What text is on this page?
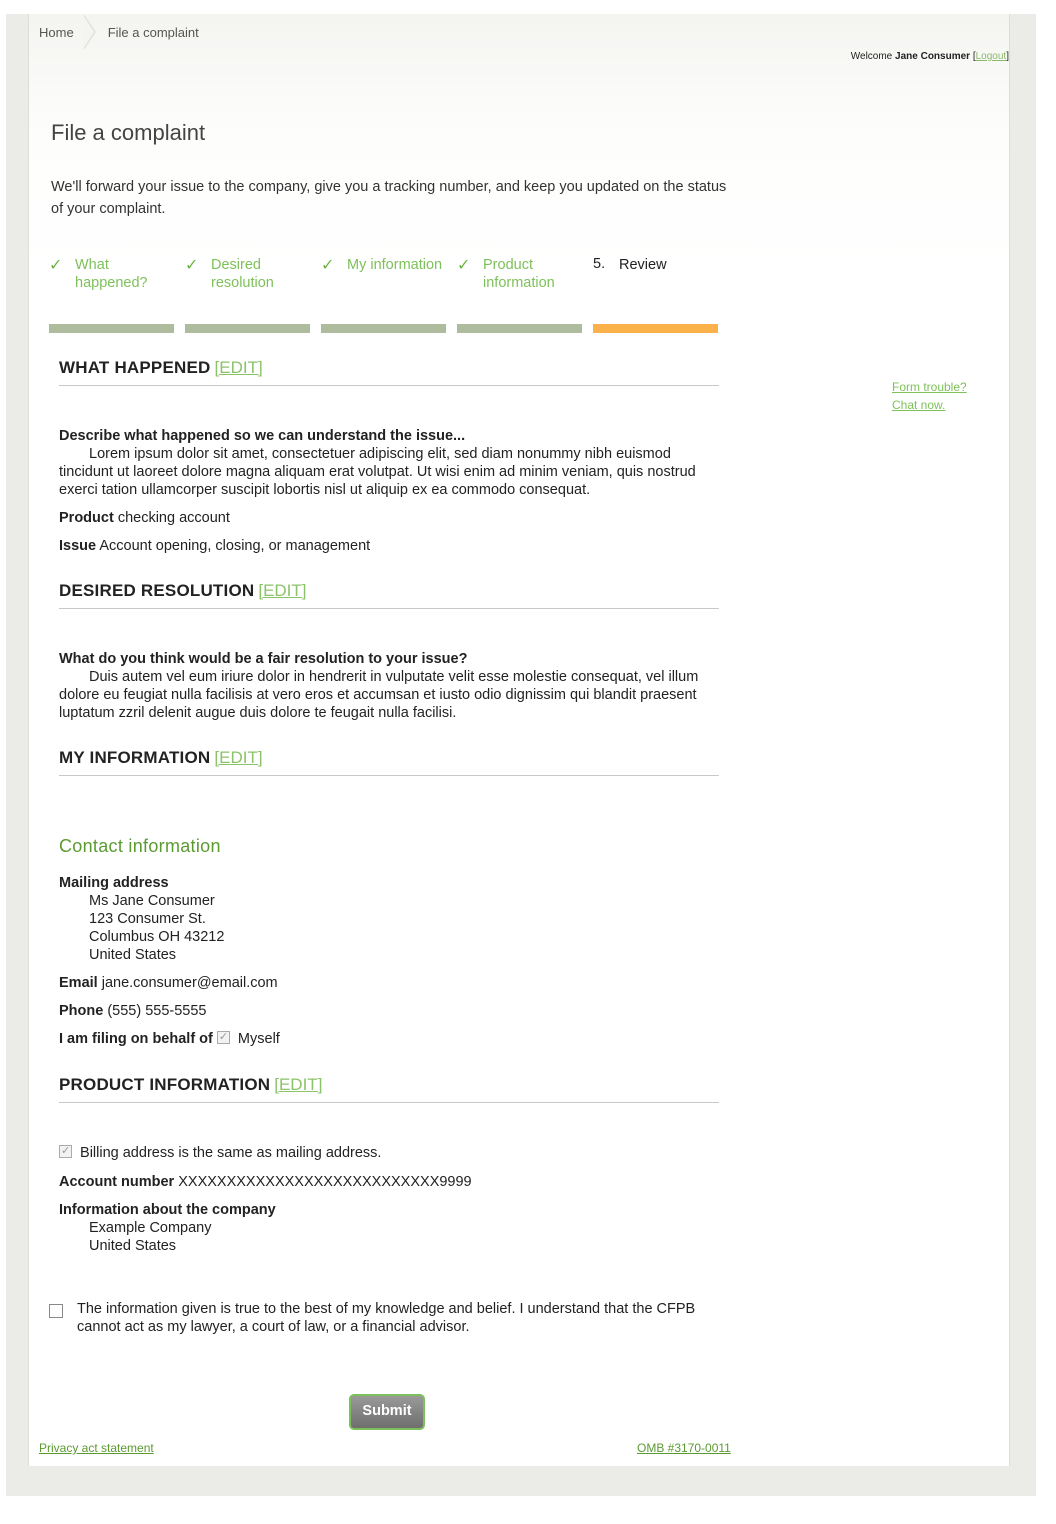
Home	File a complaint
Welcome Jane Consumer [Logout]
File a complaint

We'll forward your issue to the company, give you a tracking number, and keep you updated on the status of your complaint.

✓ What happened?
✓ Desired resolution
✓ My information ✓ Product information
5. Review
Form trouble?
Chat now.
WHAT HAPPENED [EDIT]
Describe what happened so we can understand the issue...

Lorem ipsum dolor sit amet, consectetuer adipiscing elit, sed diam nonummy nibh euismod tincidunt ut laoreet dolore magna aliquam erat volutpat. Ut wisi enim ad minim veniam, quis nostrud exerci tation ullamcorper suscipit lobortis nisl ut aliquip ex ea commodo consequat.

Product checking account
Issue Account opening, closing, or management
DESIRED RESOLUTION [EDIT]
What do you think would be a fair resolution to your issue?

Duis autem vel eum iriure dolor in hendrerit in vulputate velit esse molestie consequat, vel illum dolore eu feugiat nulla facilisis at vero eros et accumsan et iusto odio dignissim qui blandit praesent luptatum zzril delenit augue duis dolore te feugait nulla facilisi.

MY INFORMATION [EDIT]
Contact information
Mailing address
Ms Jane Consumer
123 Consumer St.
Columbus OH 43212
United States
Email jane.consumer@email.com
Phone (555) 555-5555
I am filing on behalf of ✓ Myself
PRODUCT INFORMATION [EDIT]
✓ Billing address is the same as mailing address.
Account number XXXXXXXXXXXXXXXXXXXXXXXXXXX9999
Information about the company
Example Company
United States
The information given is true to the best of my knowledge and belief. I understand that the CFPB cannot act as my lawyer, a court of law, or a financial advisor.
Submit
Privacy act statement	OMB #3170-0011
